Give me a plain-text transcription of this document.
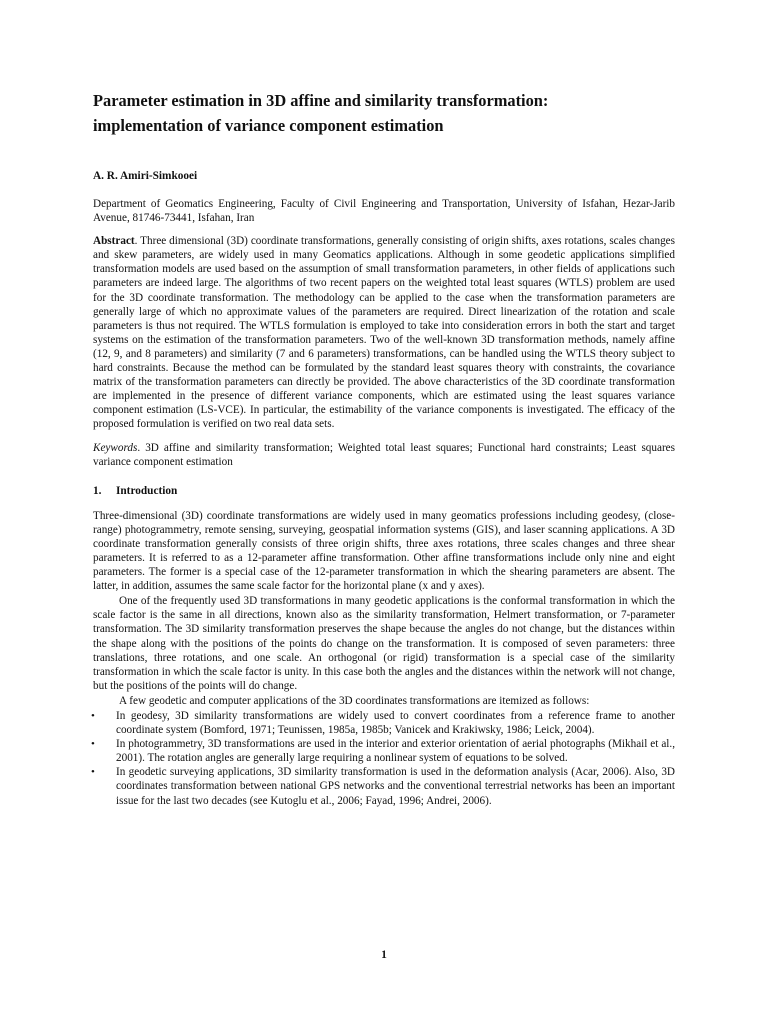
Parameter estimation in 3D affine and similarity transformation:
implementation of variance component estimation

A. R. Amiri-Simkooei

Department of Geomatics Engineering, Faculty of Civil Engineering and Transportation, University of Isfahan, Hezar-Jarib Avenue, 81746-73441, Isfahan, Iran

Abstract. Three dimensional (3D) coordinate transformations, generally consisting of origin shifts, axes rotations, scales changes and skew parameters, are widely used in many Geomatics applications. Although in some geodetic applications simplified transformation models are used based on the assumption of small transformation parameters, in other fields of applications such parameters are indeed large. The algorithms of two recent papers on the weighted total least squares (WTLS) problem are used for the 3D coordinate transformation. The methodology can be applied to the case when the transformation parameters are generally large of which no approximate values of the parameters are required. Direct linearization of the rotation and scale parameters is thus not required. The WTLS formulation is employed to take into consideration errors in both the start and target systems on the estimation of the transformation parameters. Two of the well-known 3D transformation methods, namely affine (12, 9, and 8 parameters) and similarity (7 and 6 parameters) transformations, can be handled using the WTLS theory subject to hard constraints. Because the method can be formulated by the standard least squares theory with constraints, the covariance matrix of the transformation parameters can directly be provided. The above characteristics of the 3D coordinate transformation are implemented in the presence of different variance components, which are estimated using the least squares variance component estimation (LS-VCE). In particular, the estimability of the variance components is investigated. The efficacy of the proposed formulation is verified on two real data sets.

Keywords. 3D affine and similarity transformation; Weighted total least squares; Functional hard constraints; Least squares variance component estimation

1. Introduction

Three-dimensional (3D) coordinate transformations are widely used in many geomatics professions including geodesy, (close-range) photogrammetry, remote sensing, surveying, geospatial information systems (GIS), and laser scanning applications. A 3D coordinate transformation generally consists of three origin shifts, three axes rotations, three scales changes and three shear parameters. It is referred to as a 12-parameter affine transformation. Other affine transformations include only nine and eight parameters. The former is a special case of the 12-parameter transformation in which the shearing parameters are absent. The latter, in addition, assumes the same scale factor for the horizontal plane (x and y axes).

One of the frequently used 3D transformations in many geodetic applications is the conformal transformation in which the scale factor is the same in all directions, known also as the similarity transformation, Helmert transformation, or 7-parameter transformation. The 3D similarity transformation preserves the shape because the angles do not change, but the distances within the shape along with the positions of the points do change on the transformation. It is composed of seven parameters: three translations, three rotations, and one scale. An orthogonal (or rigid) transformation is a special case of the similarity transformation in which the scale factor is unity. In this case both the angles and the distances within the network will not change, but the positions of the points will do change.

A few geodetic and computer applications of the 3D coordinates transformations are itemized as follows:

• In geodesy, 3D similarity transformations are widely used to convert coordinates from a reference frame to another coordinate system (Bomford, 1971; Teunissen, 1985a, 1985b; Vanicek and Krakiwsky, 1986; Leick, 2004).
• In photogrammetry, 3D transformations are used in the interior and exterior orientation of aerial photographs (Mikhail et al., 2001). The rotation angles are generally large requiring a nonlinear system of equations to be solved.
• In geodetic surveying applications, 3D similarity transformation is used in the deformation analysis (Acar, 2006). Also, 3D coordinates transformation between national GPS networks and the conventional terrestrial networks has been an important issue for the last two decades (see Kutoglu et al., 2006; Fayad, 1996; Andrei, 2006).
1
